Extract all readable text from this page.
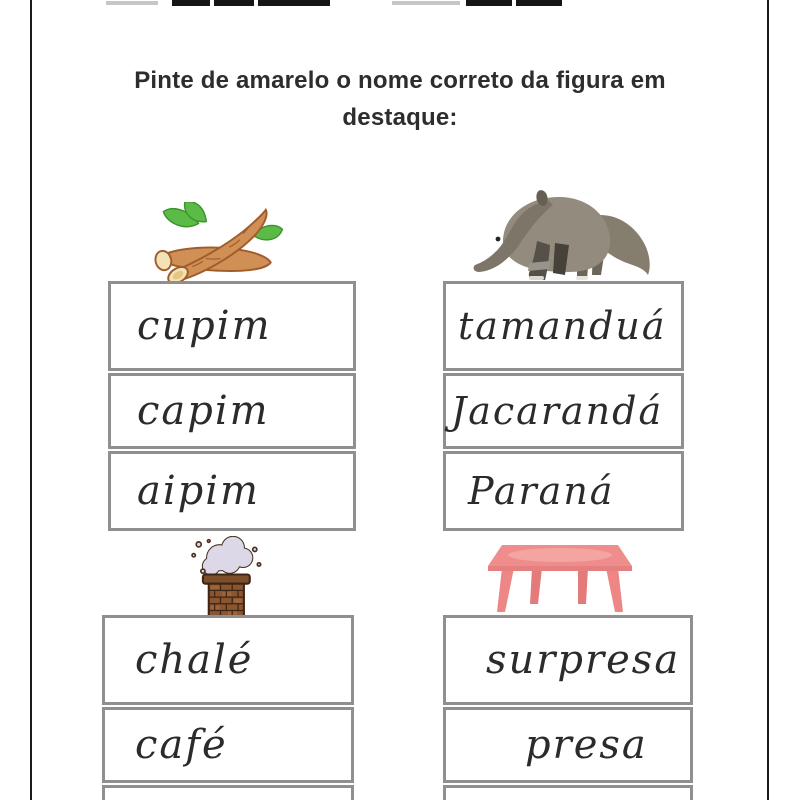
Pinte de amarelo o nome correto da figura em
destaque:
cupim
capim
aipim
tamanduá
Jacarandá
Paraná
chalé
café
surpresa
presa
